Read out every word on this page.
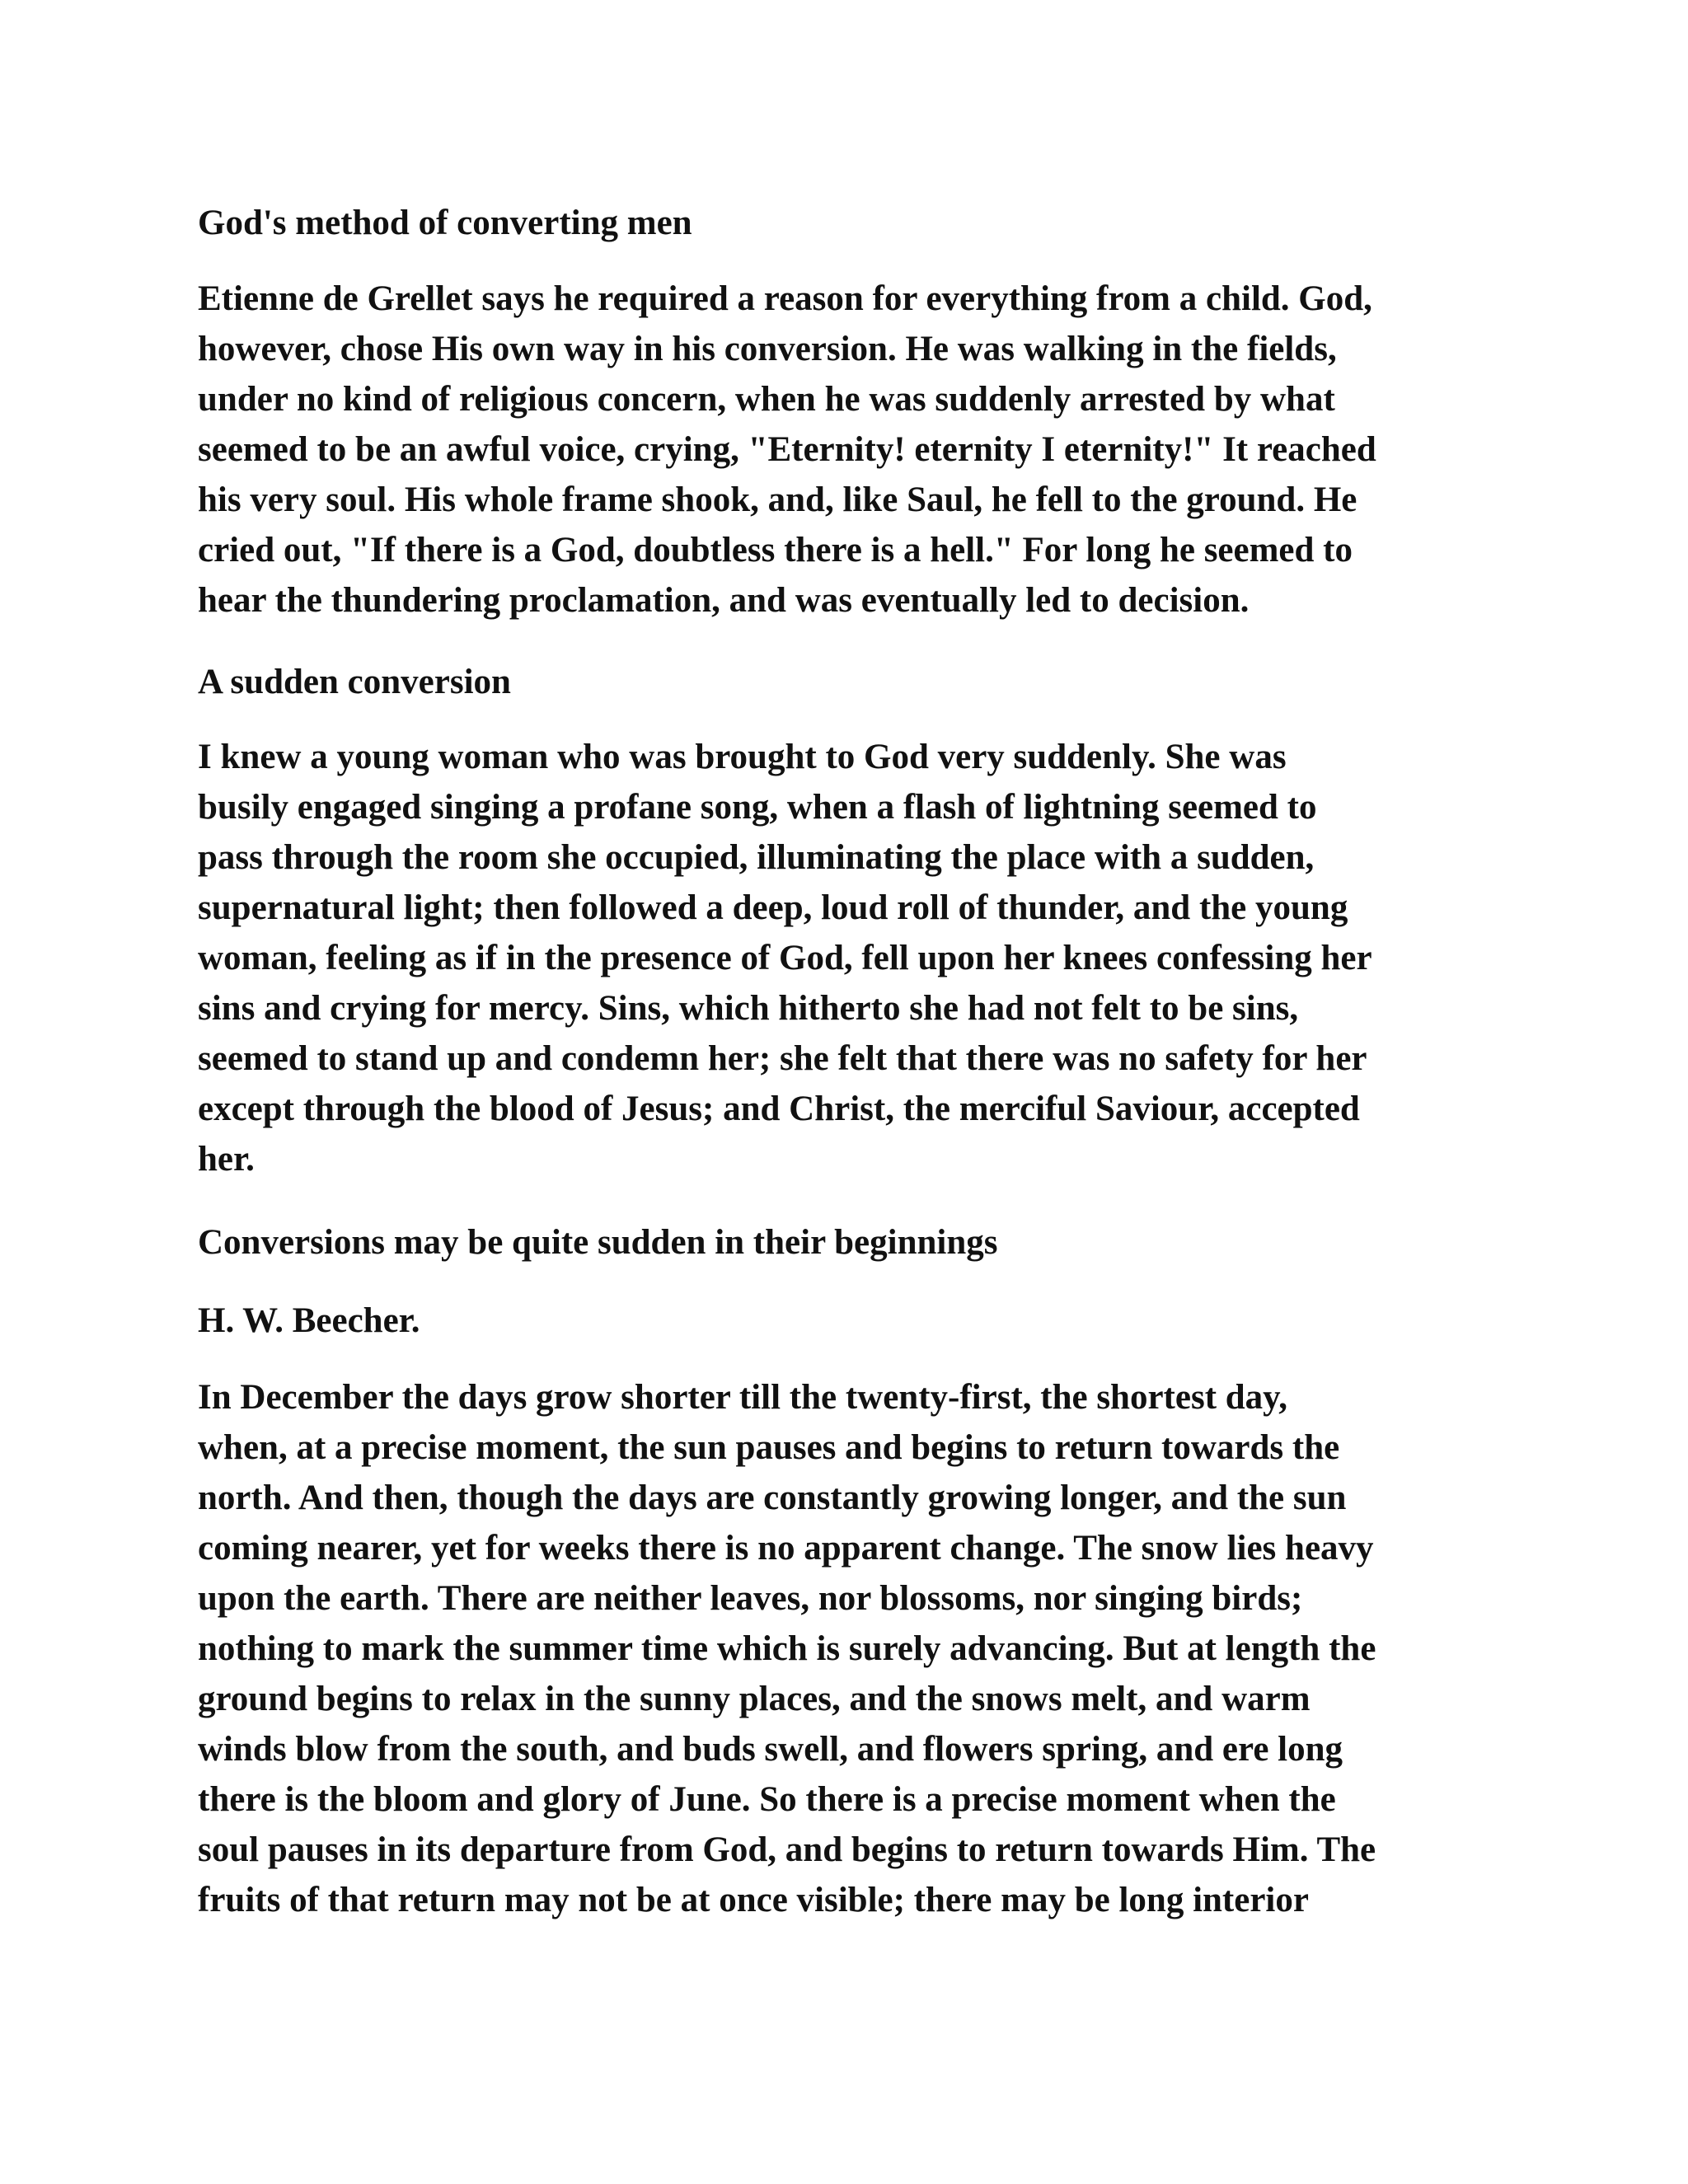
God's method of converting men

Etienne de Grellet says he required a reason for everything from a child. God,
however, chose His own way in his conversion. He was walking in the fields,
under no kind of religious concern, when he was suddenly arrested by what
seemed to be an awful voice, crying, "Eternity! eternity I eternity!" It reached
his very soul. His whole frame shook, and, like Saul, he fell to the ground. He
cried out, "If there is a God, doubtless there is a hell." For long he seemed to
hear the thundering proclamation, and was eventually led to decision.

A sudden conversion

I knew a young woman who was brought to God very suddenly. She was
busily engaged singing a profane song, when a flash of lightning seemed to
pass through the room she occupied, illuminating the place with a sudden,
supernatural light; then followed a deep, loud roll of thunder, and the young
woman, feeling as if in the presence of God, fell upon her knees confessing her
sins and crying for mercy. Sins, which hitherto she had not felt to be sins,
seemed to stand up and condemn her; she felt that there was no safety for her
except through the blood of Jesus; and Christ, the merciful Saviour, accepted
her.

Conversions may be quite sudden in their beginnings

H. W. Beecher.

In December the days grow shorter till the twenty-first, the shortest day,
when, at a precise moment, the sun pauses and begins to return towards the
north. And then, though the days are constantly growing longer, and the sun
coming nearer, yet for weeks there is no apparent change. The snow lies heavy
upon the earth. There are neither leaves, nor blossoms, nor singing birds;
nothing to mark the summer time which is surely advancing. But at length the
ground begins to relax in the sunny places, and the snows melt, and warm
winds blow from the south, and buds swell, and flowers spring, and ere long
there is the bloom and glory of June. So there is a precise moment when the
soul pauses in its departure from God, and begins to return towards Him. The
fruits of that return may not be at once visible; there may be long interior
